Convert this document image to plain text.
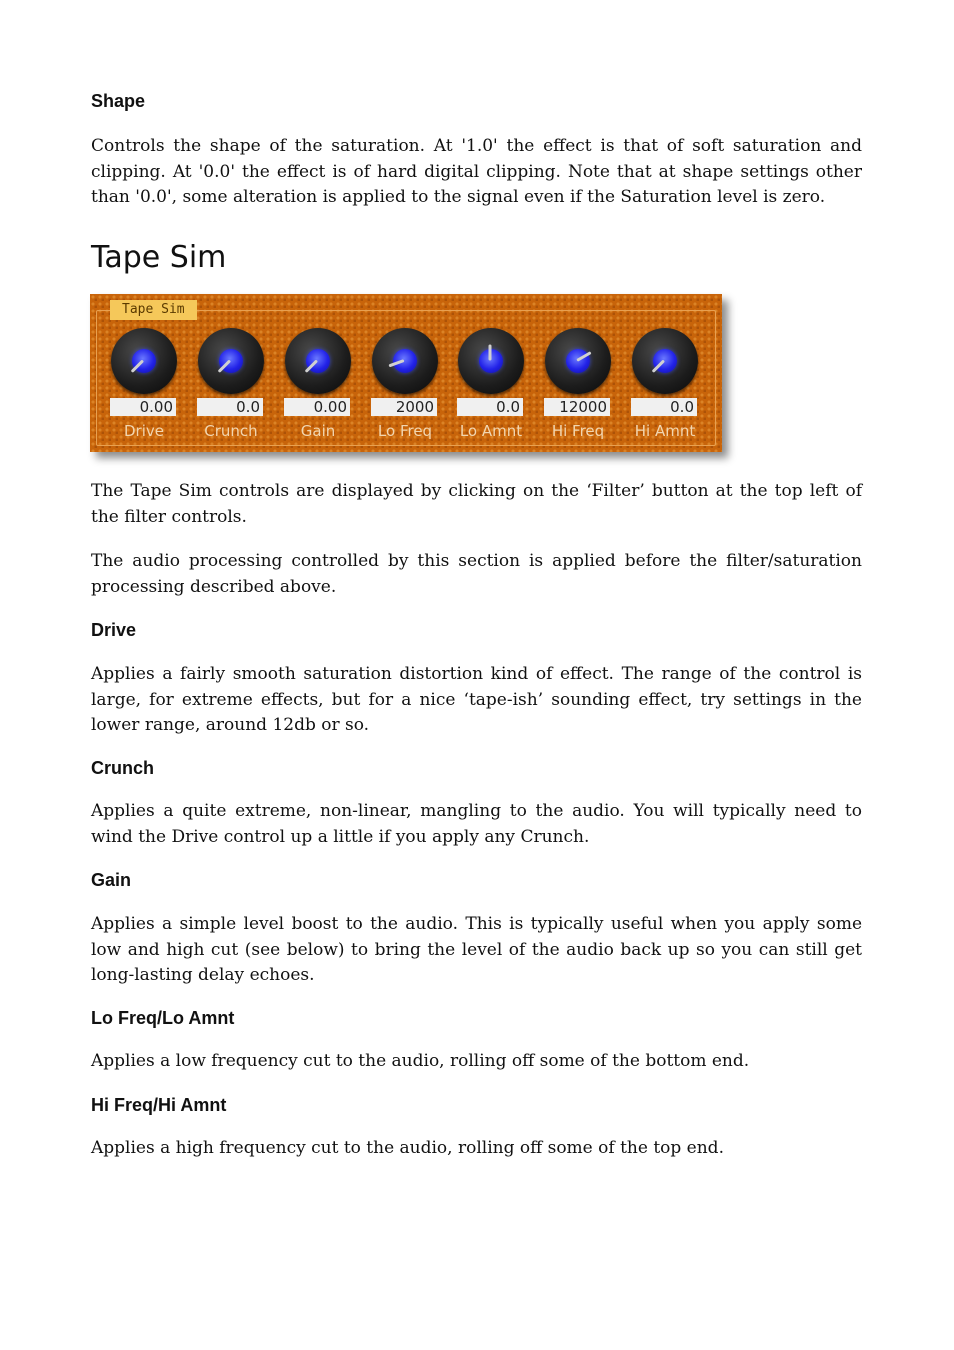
Shape

Controls the shape of the saturation. At '1.0' the effect is that of soft saturation and clipping. At '0.0' the effect is of hard digital clipping. Note that at shape settings other than '0.0', some alteration is applied to the signal even if the Saturation level is zero.

Tape Sim
Tape Sim
0.00
Drive
0.0
Crunch
0.00
Gain
2000
Lo Freq
0.0
Lo Amnt
12000
Hi Freq
0.0
Hi Amnt

The Tape Sim controls are displayed by clicking on the ‘Filter’ button at the top left of the filter controls.

The audio processing controlled by this section is applied before the filter/saturation processing described above.

Drive

Applies a fairly smooth saturation distortion kind of effect. The range of the control is large, for extreme effects, but for a nice ‘tape-ish’ sounding effect, try settings in the lower range, around 12db or so.

Crunch

Applies a quite extreme, non-linear, mangling to the audio. You will typically need to wind the Drive control up a little if you apply any Crunch.

Gain

Applies a simple level boost to the audio. This is typically useful when you apply some low and high cut (see below) to bring the level of the audio back up so you can still get long-lasting delay echoes.

Lo Freq/Lo Amnt

Applies a low frequency cut to the audio, rolling off some of the bottom end.

Hi Freq/Hi Amnt

Applies a high frequency cut to the audio, rolling off some of the top end.
